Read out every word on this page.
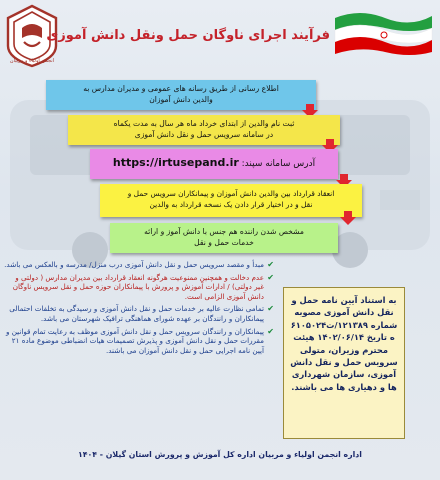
انجمن اولیاء و مربیان
فرآیند اجرای ناوگان حمل ونقل دانش آموزی
اطلاع رسانی از طریق رسانه های عمومی و مدیران مدارس به
والدین دانش آموزان
ثبت نام والدین از ابتدای خرداد ماه هر سال به مدت یکماه
در سامانه سرویس حمل و نقل دانش آموزی
آدرس سامانه سپند: https://irtusepand.ir
انعقاد قرارداد بین والدین دانش آموزان و پیمانکاران سرویس حمل و
نقل و در اختیار قرار دادن یک نسخه قرارداد به والدین
مشخص شدن راننده هم جنس با دانش آموز و ارائه
خدمات حمل و نقل
✔
مبدأ و مقصد سرویس حمل و نقل دانش آموزی درب منزل/ مدرسه و بالعکس می باشد.
✔
عدم دخالت و همچنین ممنوعیت هرگونه انعقاد قرارداد بین مدیران مدارس ( دولتی و غیر دولتی) / ادارات آموزش و پرورش با پیمانکاران حوزه حمل و نقل سرویس ناوگان دانش آموزی الزامی است.
✔
تمامی نظارت عالیه بر خدمات حمل و نقل دانش آموزی و رسیدگی به تخلفات احتمالی پیمانکاران و رانندگان بر عهده شورای هماهنگی ترافیک شهرستان می باشد.
✔
پیمانکاران و رانندگان سرویس حمل و نقل دانش آموزی موظف به رعایت تمام قوانین و مقررات حمل و نقل دانش آموزی و پذیرش تصمیمات هیات انضباطی موضوع ماده ۲۱ آیین نامه اجرایی حمل و نقل دانش آموزان می باشند.
به استناد آیین نامه حمل و نقل دانش آموزی مصوبه شماره ۱۲۱۳۸۹/ت۶۱۰۵۰۲۴ ه تاریخ ۱۴۰۲/۰۶/۱۴ هیئت محترم وزیران، متولی سرویس حمل و نقل دانش آموزی، سازمان شهرداری ها و دهیاری ها می باشند.
اداره انجمن اولیاء و مربیان اداره کل آموزش و پرورش استان گیلان - ۱۴۰۴
